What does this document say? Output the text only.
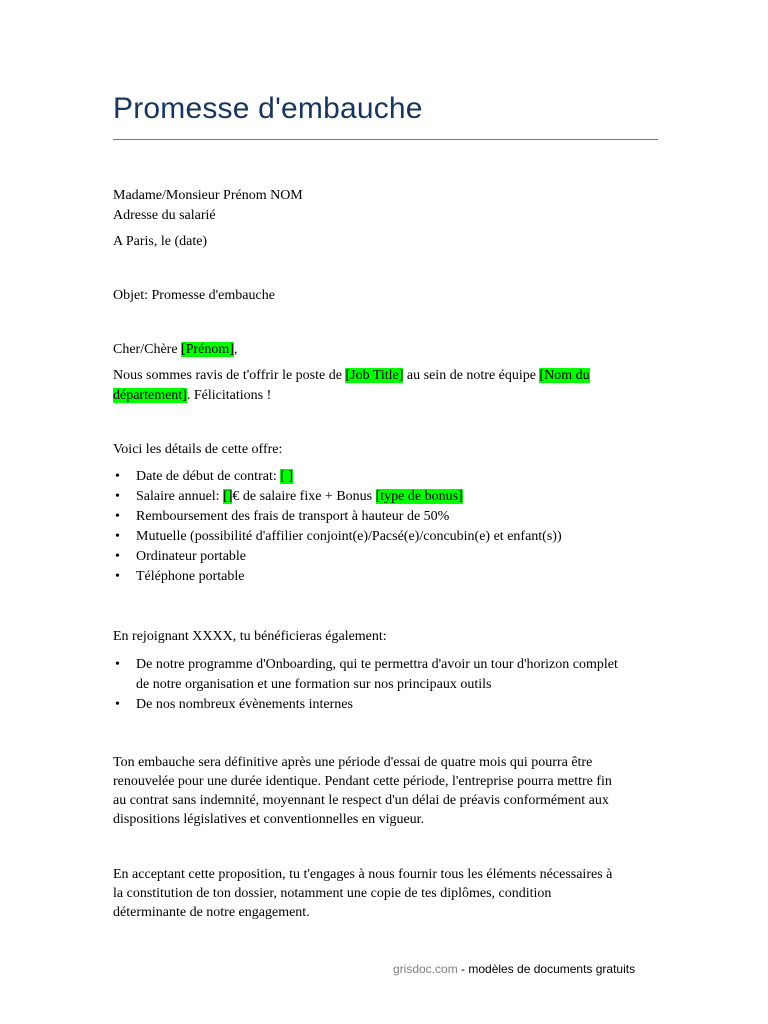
Promesse d'embauche
Madame/Monsieur Prénom NOM
Adresse du salarié
A Paris, le (date)
Objet: Promesse d'embauche
Cher/Chère [Prénom],
Nous sommes ravis de t'offrir le poste de [Job Title] au sein de notre équipe [Nom du
département]. Félicitations !
Voici les détails de cette offre:
• Date de début de contrat: [ ]
• Salaire annuel: []€ de salaire fixe + Bonus [type de bonus]
• Remboursement des frais de transport à hauteur de 50%
• Mutuelle (possibilité d'affilier conjoint(e)/Pacsé(e)/concubin(e) et enfant(s))
• Ordinateur portable
• Téléphone portable
En rejoignant XXXX, tu bénéficieras également:
• De notre programme d'Onboarding, qui te permettra d'avoir un tour d'horizon complet
de notre organisation et une formation sur nos principaux outils
• De nos nombreux évènements internes
Ton embauche sera définitive après une période d'essai de quatre mois qui pourra être
renouvelée pour une durée identique. Pendant cette période, l'entreprise pourra mettre fin
au contrat sans indemnité, moyennant le respect d'un délai de préavis conformément aux
dispositions législatives et conventionnelles en vigueur.
En acceptant cette proposition, tu t'engages à nous fournir tous les éléments nécessaires à
la constitution de ton dossier, notamment une copie de tes diplômes, condition
déterminante de notre engagement.
grisdoc.com - modèles de documents gratuits
